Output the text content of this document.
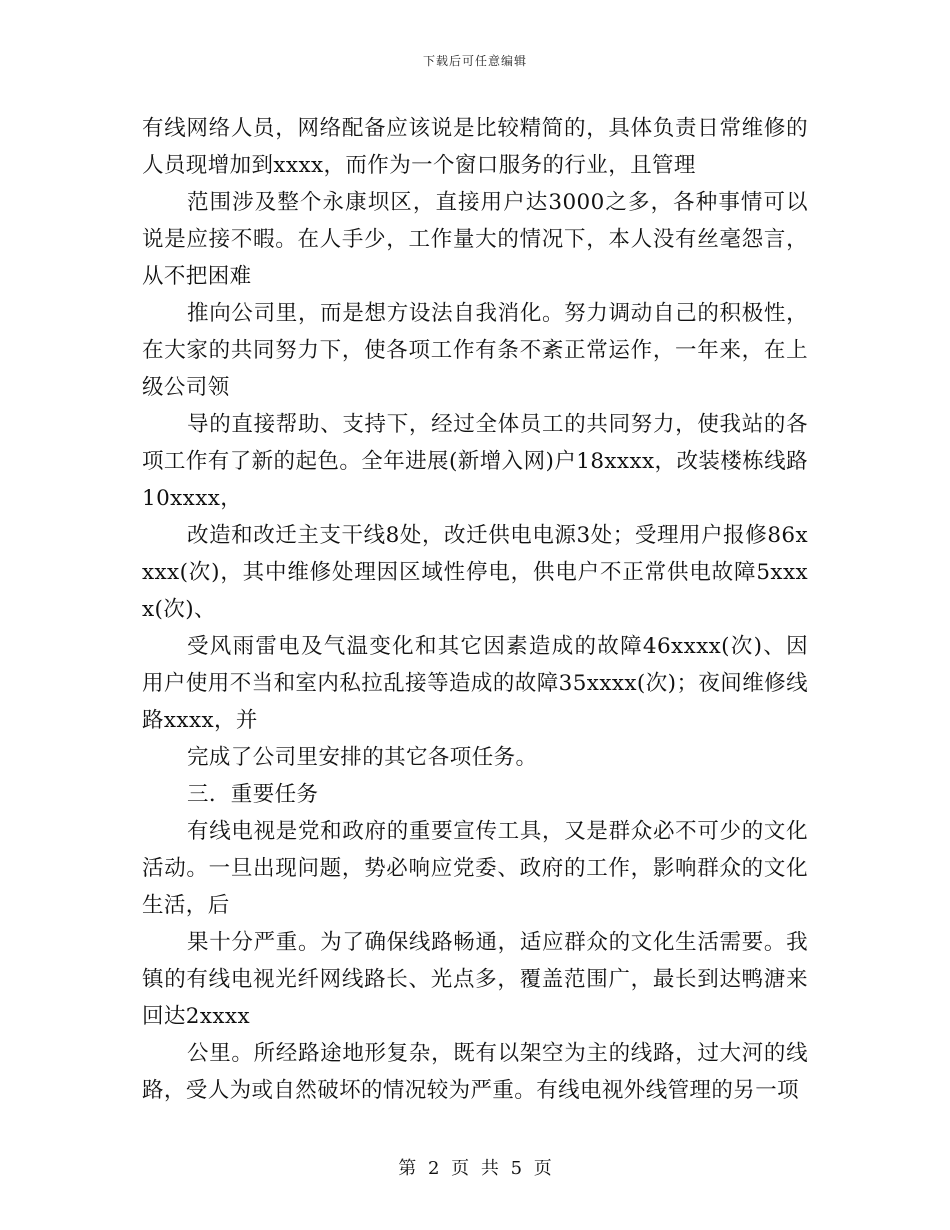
下载后可任意编辑

有线网络人员，网络配备应该说是比较精简的，具体负责日常维修的人员现增加到xxxx，而作为一个窗口服务的行业，且管理

范围涉及整个永康坝区，直接用户达3000之多，各种事情可以说是应接不暇。在人手少，工作量大的情况下，本人没有丝毫怨言，从不把困难

推向公司里，而是想方设法自我消化。努力调动自己的积极性，在大家的共同努力下，使各项工作有条不紊正常运作，一年来，在上级公司领

导的直接帮助、支持下，经过全体员工的共同努力，使我站的各项工作有了新的起色。全年进展(新增入网)户18xxxx，改装楼栋线路10xxxx，

改造和改迁主支干线8处，改迁供电电源3处；受理用户报修86xxxx(次)，其中维修处理因区域性停电，供电户不正常供电故障5xxxx(次)、

受风雨雷电及气温变化和其它因素造成的故障46xxxx(次)、因用户使用不当和室内私拉乱接等造成的故障35xxxx(次)；夜间维修线路xxxx，并

完成了公司里安排的其它各项任务。

三．重要任务

有线电视是党和政府的重要宣传工具，又是群众必不可少的文化活动。一旦出现问题，势必响应党委、政府的工作，影响群众的文化生活，后

果十分严重。为了确保线路畅通，适应群众的文化生活需要。我镇的有线电视光纤网线路长、光点多，覆盖范围广，最长到达鸭溏来回达2xxxx

公里。所经路途地形复杂，既有以架空为主的线路，过大河的线路，受人为或自然破坏的情况较为严重。有线电视外线管理的另一项

第 2 页 共 5 页
